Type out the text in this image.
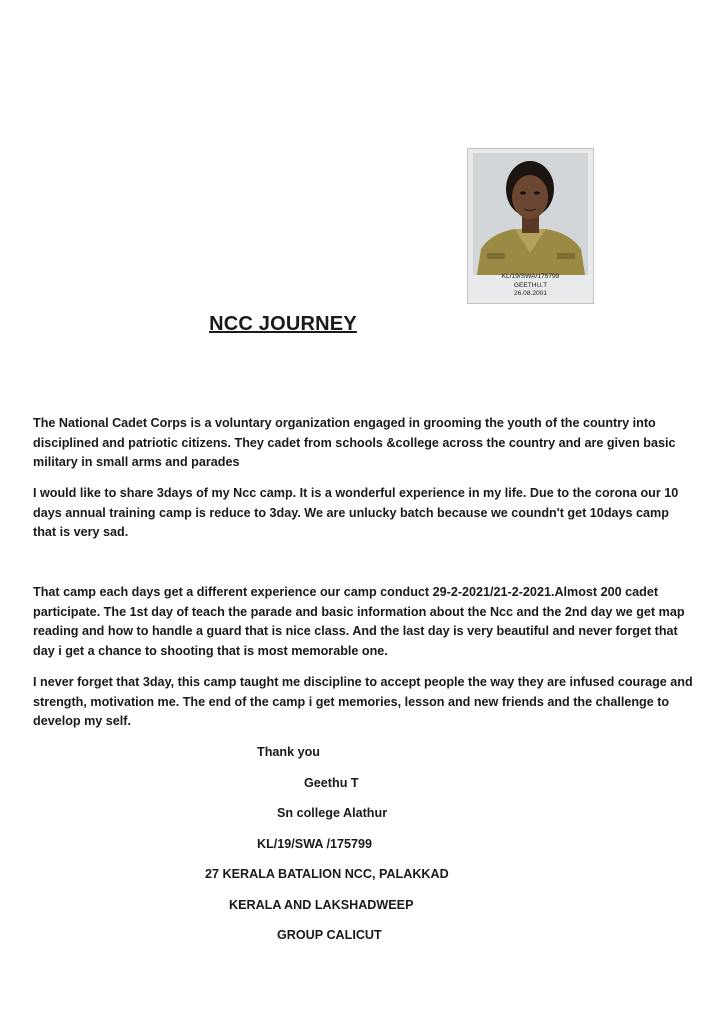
KL/19/SWA/175799
GEETHU.T
26.08.2001
NCC JOURNEY

The National Cadet Corps is a voluntary organization engaged in grooming the youth of the country into disciplined and patriotic citizens. They cadet from schools &college across the country and are given basic military in small arms and parades

I would like to share 3days of my Ncc camp. It is a wonderful experience in my life. Due to the corona our 10 days annual training camp is reduce to 3day. We are unlucky batch because we coundn't get 10days camp that is very sad.

That camp each days get a different experience our camp conduct 29-2-2021/21-2-2021.Almost 200 cadet participate. The 1st day of teach the parade and basic information about the Ncc and the 2nd day we get map reading and how to handle a guard that is nice class. And the last day is very beautiful and never forget that day i get a chance to shooting that is most memorable one.

I never forget that 3day, this camp taught me discipline to accept people the way they are infused courage and strength, motivation me. The end of the camp i get memories, lesson and new friends and the challenge to develop my self.

Thank you
Geethu T
Sn college Alathur
KL/19/SWA /175799
27 KERALA BATALION NCC, PALAKKAD
KERALA AND LAKSHADWEEP
GROUP CALICUT
